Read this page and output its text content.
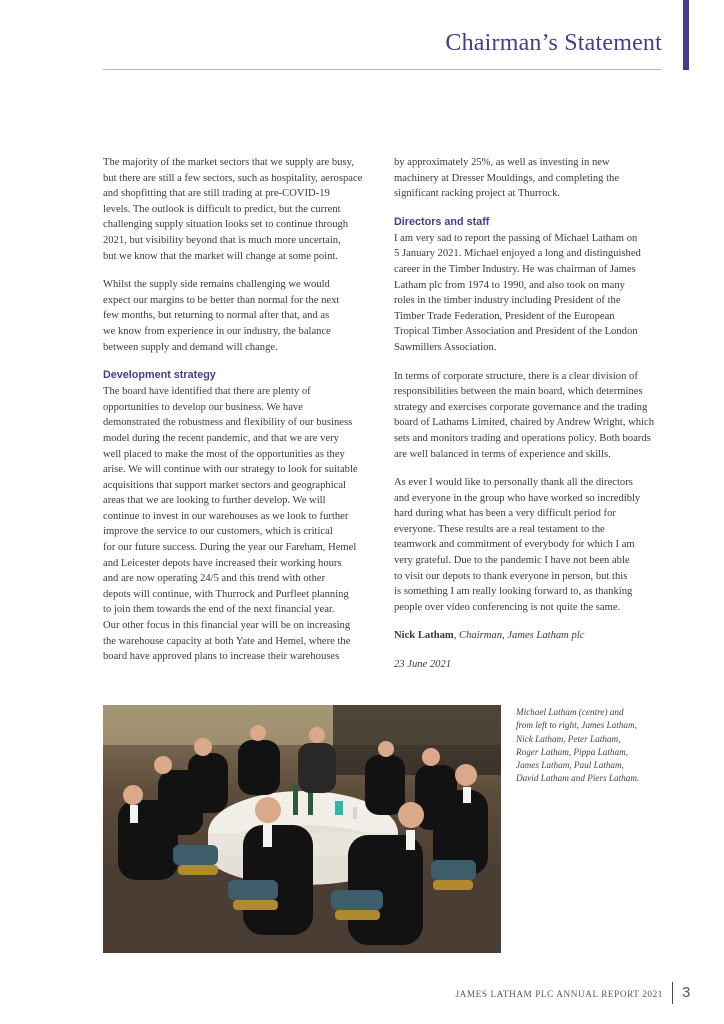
Chairman’s Statement

The majority of the market sectors that we supply are busy,
but there are still a few sectors, such as hospitality, aerospace
and shopfitting that are still trading at pre-COVID-19
levels. The outlook is difficult to predict, but the current
challenging supply situation looks set to continue through
2021, but visibility beyond that is much more uncertain,
but we know that the market will change at some point.

Whilst the supply side remains challenging we would
expect our margins to be better than normal for the next
few months, but returning to normal after that, and as
we know from experience in our industry, the balance
between supply and demand will change.

Development strategy

The board have identified that there are plenty of
opportunities to develop our business. We have
demonstrated the robustness and flexibility of our business
model during the recent pandemic, and that we are very
well placed to make the most of the opportunities as they
arise. We will continue with our strategy to look for suitable
acquisitions that support market sectors and geographical
areas that we are looking to further develop. We will
continue to invest in our warehouses as we look to further
improve the service to our customers, which is critical
for our future success. During the year our Fareham, Hemel
and Leicester depots have increased their working hours
and are now operating 24/5 and this trend with other
depots will continue, with Thurrock and Purfleet planning
to join them towards the end of the next financial year.
Our other focus in this financial year will be on increasing
the warehouse capacity at both Yate and Hemel, where the
board have approved plans to increase their warehouses

by approximately 25%, as well as investing in new
machinery at Dresser Mouldings, and completing the
significant racking project at Thurrock.

Directors and staff

I am very sad to report the passing of Michael Latham on
5 January 2021. Michael enjoyed a long and distinguished
career in the Timber Industry. He was chairman of James
Latham plc from 1974 to 1990, and also took on many
roles in the timber industry including President of the
Timber Trade Federation, President of the European
Tropical Timber Association and President of the London
Sawmillers Association.

In terms of corporate structure, there is a clear division of
responsibilities between the main board, which determines
strategy and exercises corporate governance and the trading
board of Lathams Limited, chaired by Andrew Wright, which
sets and monitors trading and operations policy. Both boards
are well balanced in terms of experience and skills.

As ever I would like to personally thank all the directors
and everyone in the group who have worked so incredibly
hard during what has been a very difficult period for
everyone. These results are a real testament to the
teamwork and commitment of everybody for which I am
very grateful. Due to the pandemic I have not been able
to visit our depots to thank everyone in person, but this
is something I am really looking forward to, as thanking
people over video conferencing is not quite the same.

Nick Latham, Chairman, James Latham plc

23 June 2021

Michael Latham (centre) and
from left to right, James Latham,
Nick Latham, Peter Latham,
Roger Latham, Pippa Latham,
James Latham, Paul Latham,
David Latham and Piers Latham.
JAMES LATHAM PLC ANNUAL REPORT 2021 3
